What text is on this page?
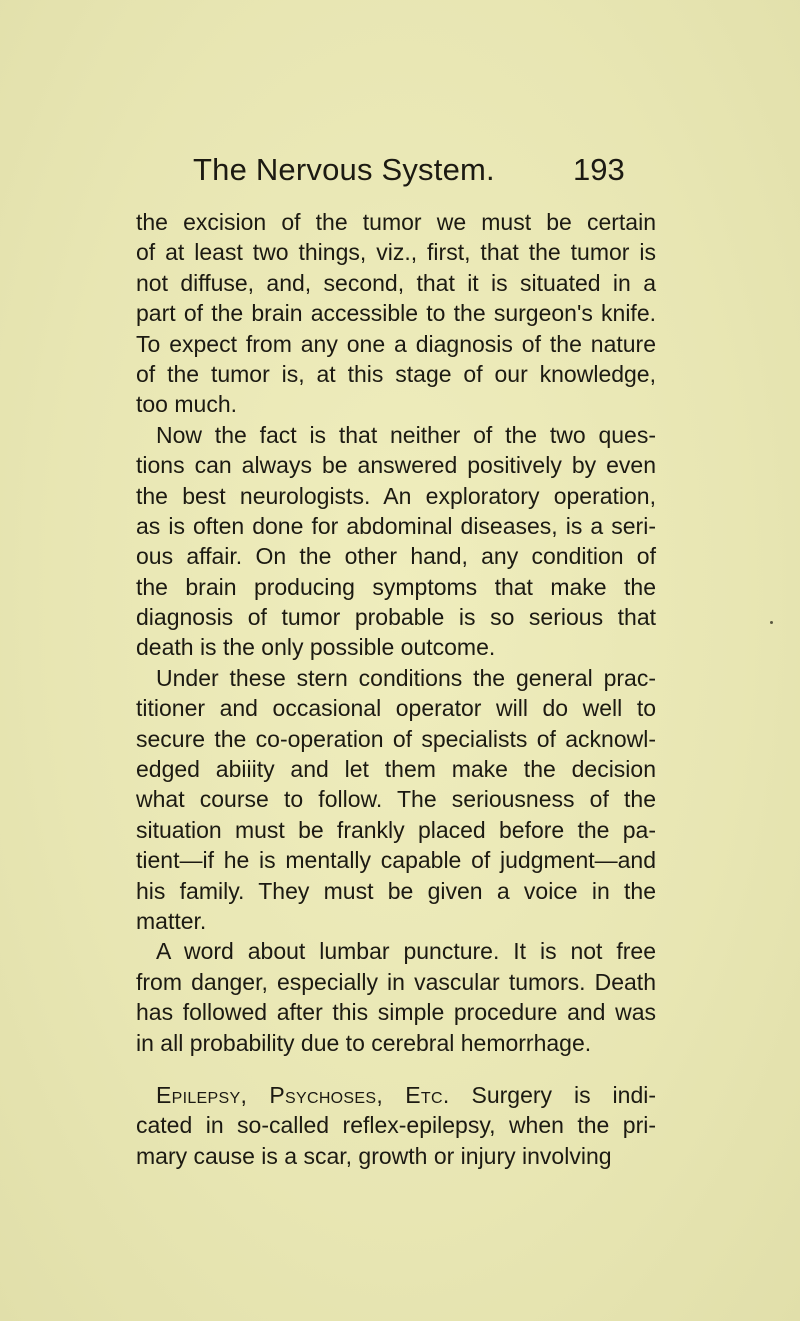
The Nervous System.	193
the excision of the tumor we must be certain
of at least two things, viz., first, that the tumor is
not diffuse, and, second, that it is situated in a
part of the brain accessible to the surgeon's knife.
To expect from any one a diagnosis of the nature
of the tumor is, at this stage of our knowledge,
too much.
Now the fact is that neither of the two ques-
tions can always be answered positively by even
the best neurologists. An exploratory operation,
as is often done for abdominal diseases, is a seri-
ous affair. On the other hand, any condition of
the brain producing symptoms that make the
diagnosis of tumor probable is so serious that
death is the only possible outcome.
Under these stern conditions the general prac-
titioner and occasional operator will do well to
secure the co-operation of specialists of acknowl-
edged abiiity and let them make the decision
what course to follow. The seriousness of the
situation must be frankly placed before the pa-
tient—if he is mentally capable of judgment—and
his family. They must be given a voice in the
matter.
A word about lumbar puncture. It is not free
from danger, especially in vascular tumors. Death
has followed after this simple procedure and was
in all probability due to cerebral hemorrhage.
Epilepsy, Psychoses, Etc. Surgery is indi-
cated in so-called reflex-epilepsy, when the pri-
mary cause is a scar, growth or injury involving
